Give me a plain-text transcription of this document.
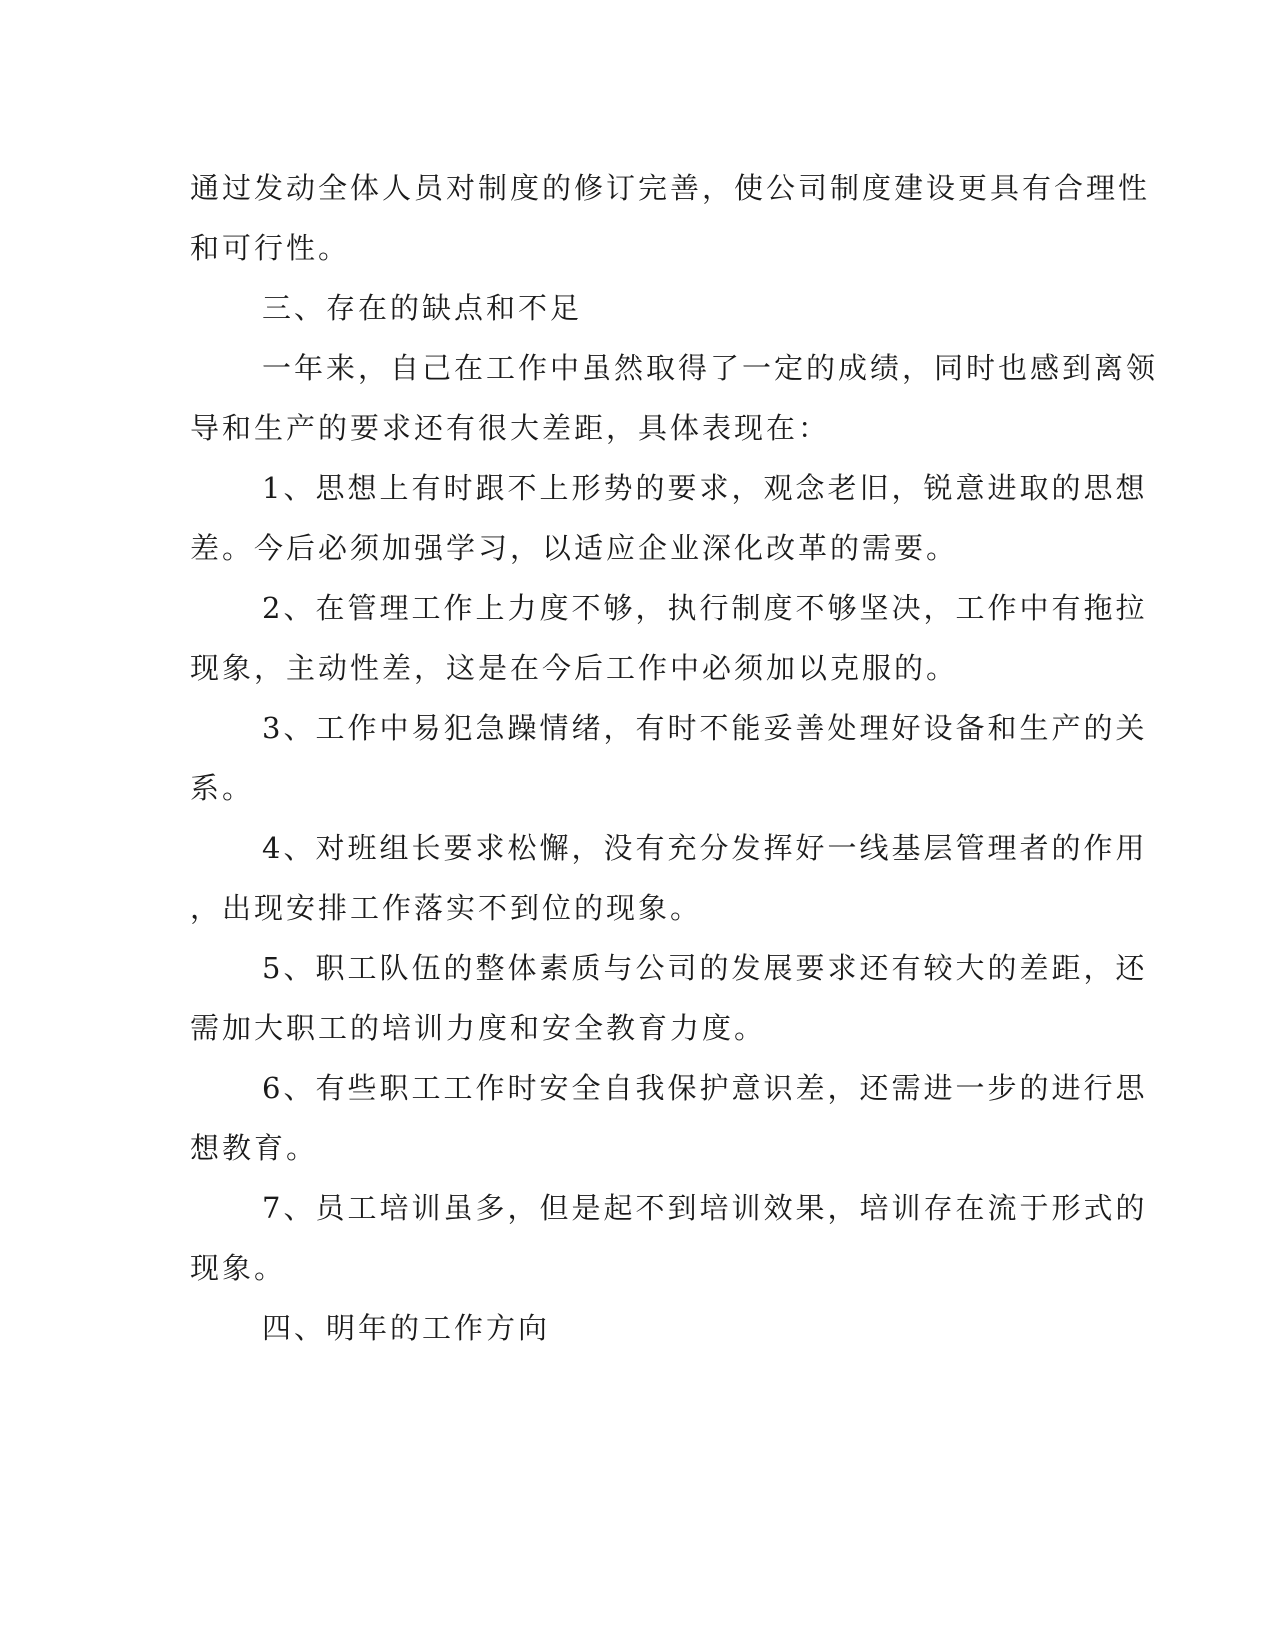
通过发动全体人员对制度的修订完善，使公司制度建设更具有合理性
和可行性。
三、存在的缺点和不足
一年来，自己在工作中虽然取得了一定的成绩，同时也感到离领
导和生产的要求还有很大差距，具体表现在：
1、思想上有时跟不上形势的要求，观念老旧，锐意进取的思想
差。今后必须加强学习，以适应企业深化改革的需要。
2、在管理工作上力度不够，执行制度不够坚决，工作中有拖拉
现象，主动性差，这是在今后工作中必须加以克服的。
3、工作中易犯急躁情绪，有时不能妥善处理好设备和生产的关
系。
4、对班组长要求松懈，没有充分发挥好一线基层管理者的作用
，出现安排工作落实不到位的现象。
5、职工队伍的整体素质与公司的发展要求还有较大的差距，还
需加大职工的培训力度和安全教育力度。
6、有些职工工作时安全自我保护意识差，还需进一步的进行思
想教育。
7、员工培训虽多，但是起不到培训效果，培训存在流于形式的
现象。
四、明年的工作方向
